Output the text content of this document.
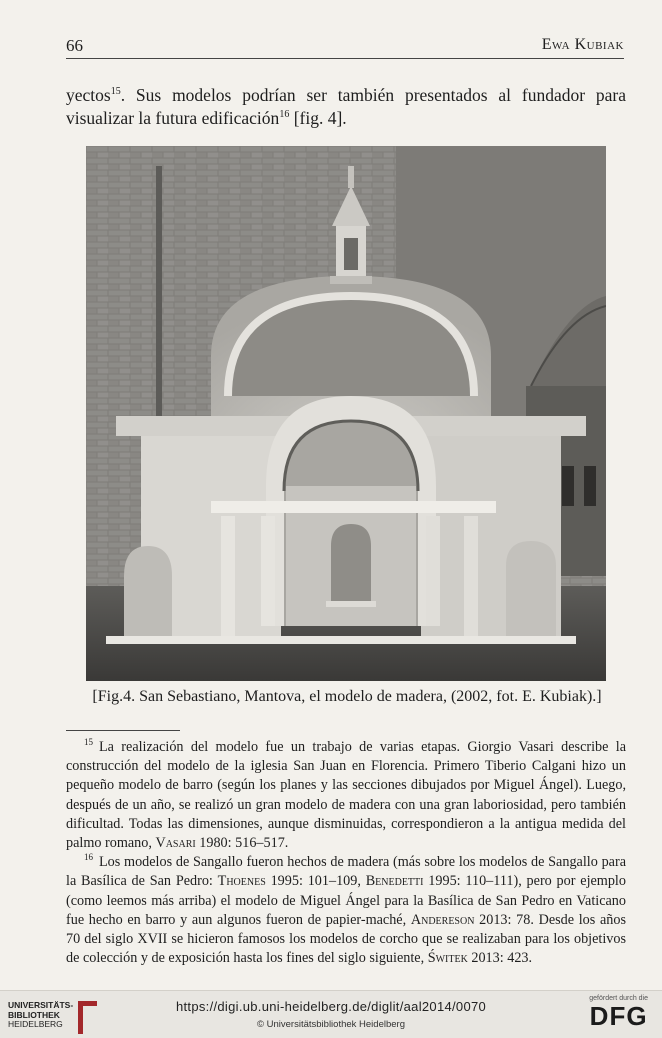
66	Ewa Kubiak
yectos$^{15}$. Sus modelos podrían ser también presentados al fundador para visualizar la futura edificación$^{16}$ [fig. 4].
[Fig.4. San Sebastiano, Mantova, el modelo de madera, (2002, fot. E. Kubiak).]

$^{15}$ La realización del modelo fue un trabajo de varias etapas. Giorgio Vasari describe la construcción del modelo de la iglesia San Juan en Florencia. Primero Tiberio Calgani hizo un pequeño modelo de barro (según los planes y las secciones dibujados por Miguel Ángel). Luego, después de un año, se realizó un gran modelo de madera con una gran laboriosidad, pero también dificultad. Todas las dimensiones, aunque disminuidas, correspondieron a la antigua medida del palmo romano, Vasari 1980: 516–517.

$^{16}$ Los modelos de Sangallo fueron hechos de madera (más sobre los modelos de Sangallo para la Basílica de San Pedro: Thoenes 1995: 101–109, Benedetti 1995: 110–111), pero por ejemplo (como leemos más arriba) el modelo de Miguel Ángel para la Basílica de San Pedro en Vaticano fue hecho en barro y aun algunos fueron de papier-maché, Andereson 2013: 78. Desde los años 70 del siglo XVII se hicieron famosos los modelos de corcho que se realizaban para los objetivos de colección y de exposición hasta los fines del siglo siguiente, Świtek 2013: 423.

UNIVERSITÄTS-
BIBLIOTHEK
HEIDELBERG
https://digi.ub.uni-heidelberg.de/diglit/aal2014/0070
© Universitätsbibliothek Heidelberg
gefördert durch die
DFG
